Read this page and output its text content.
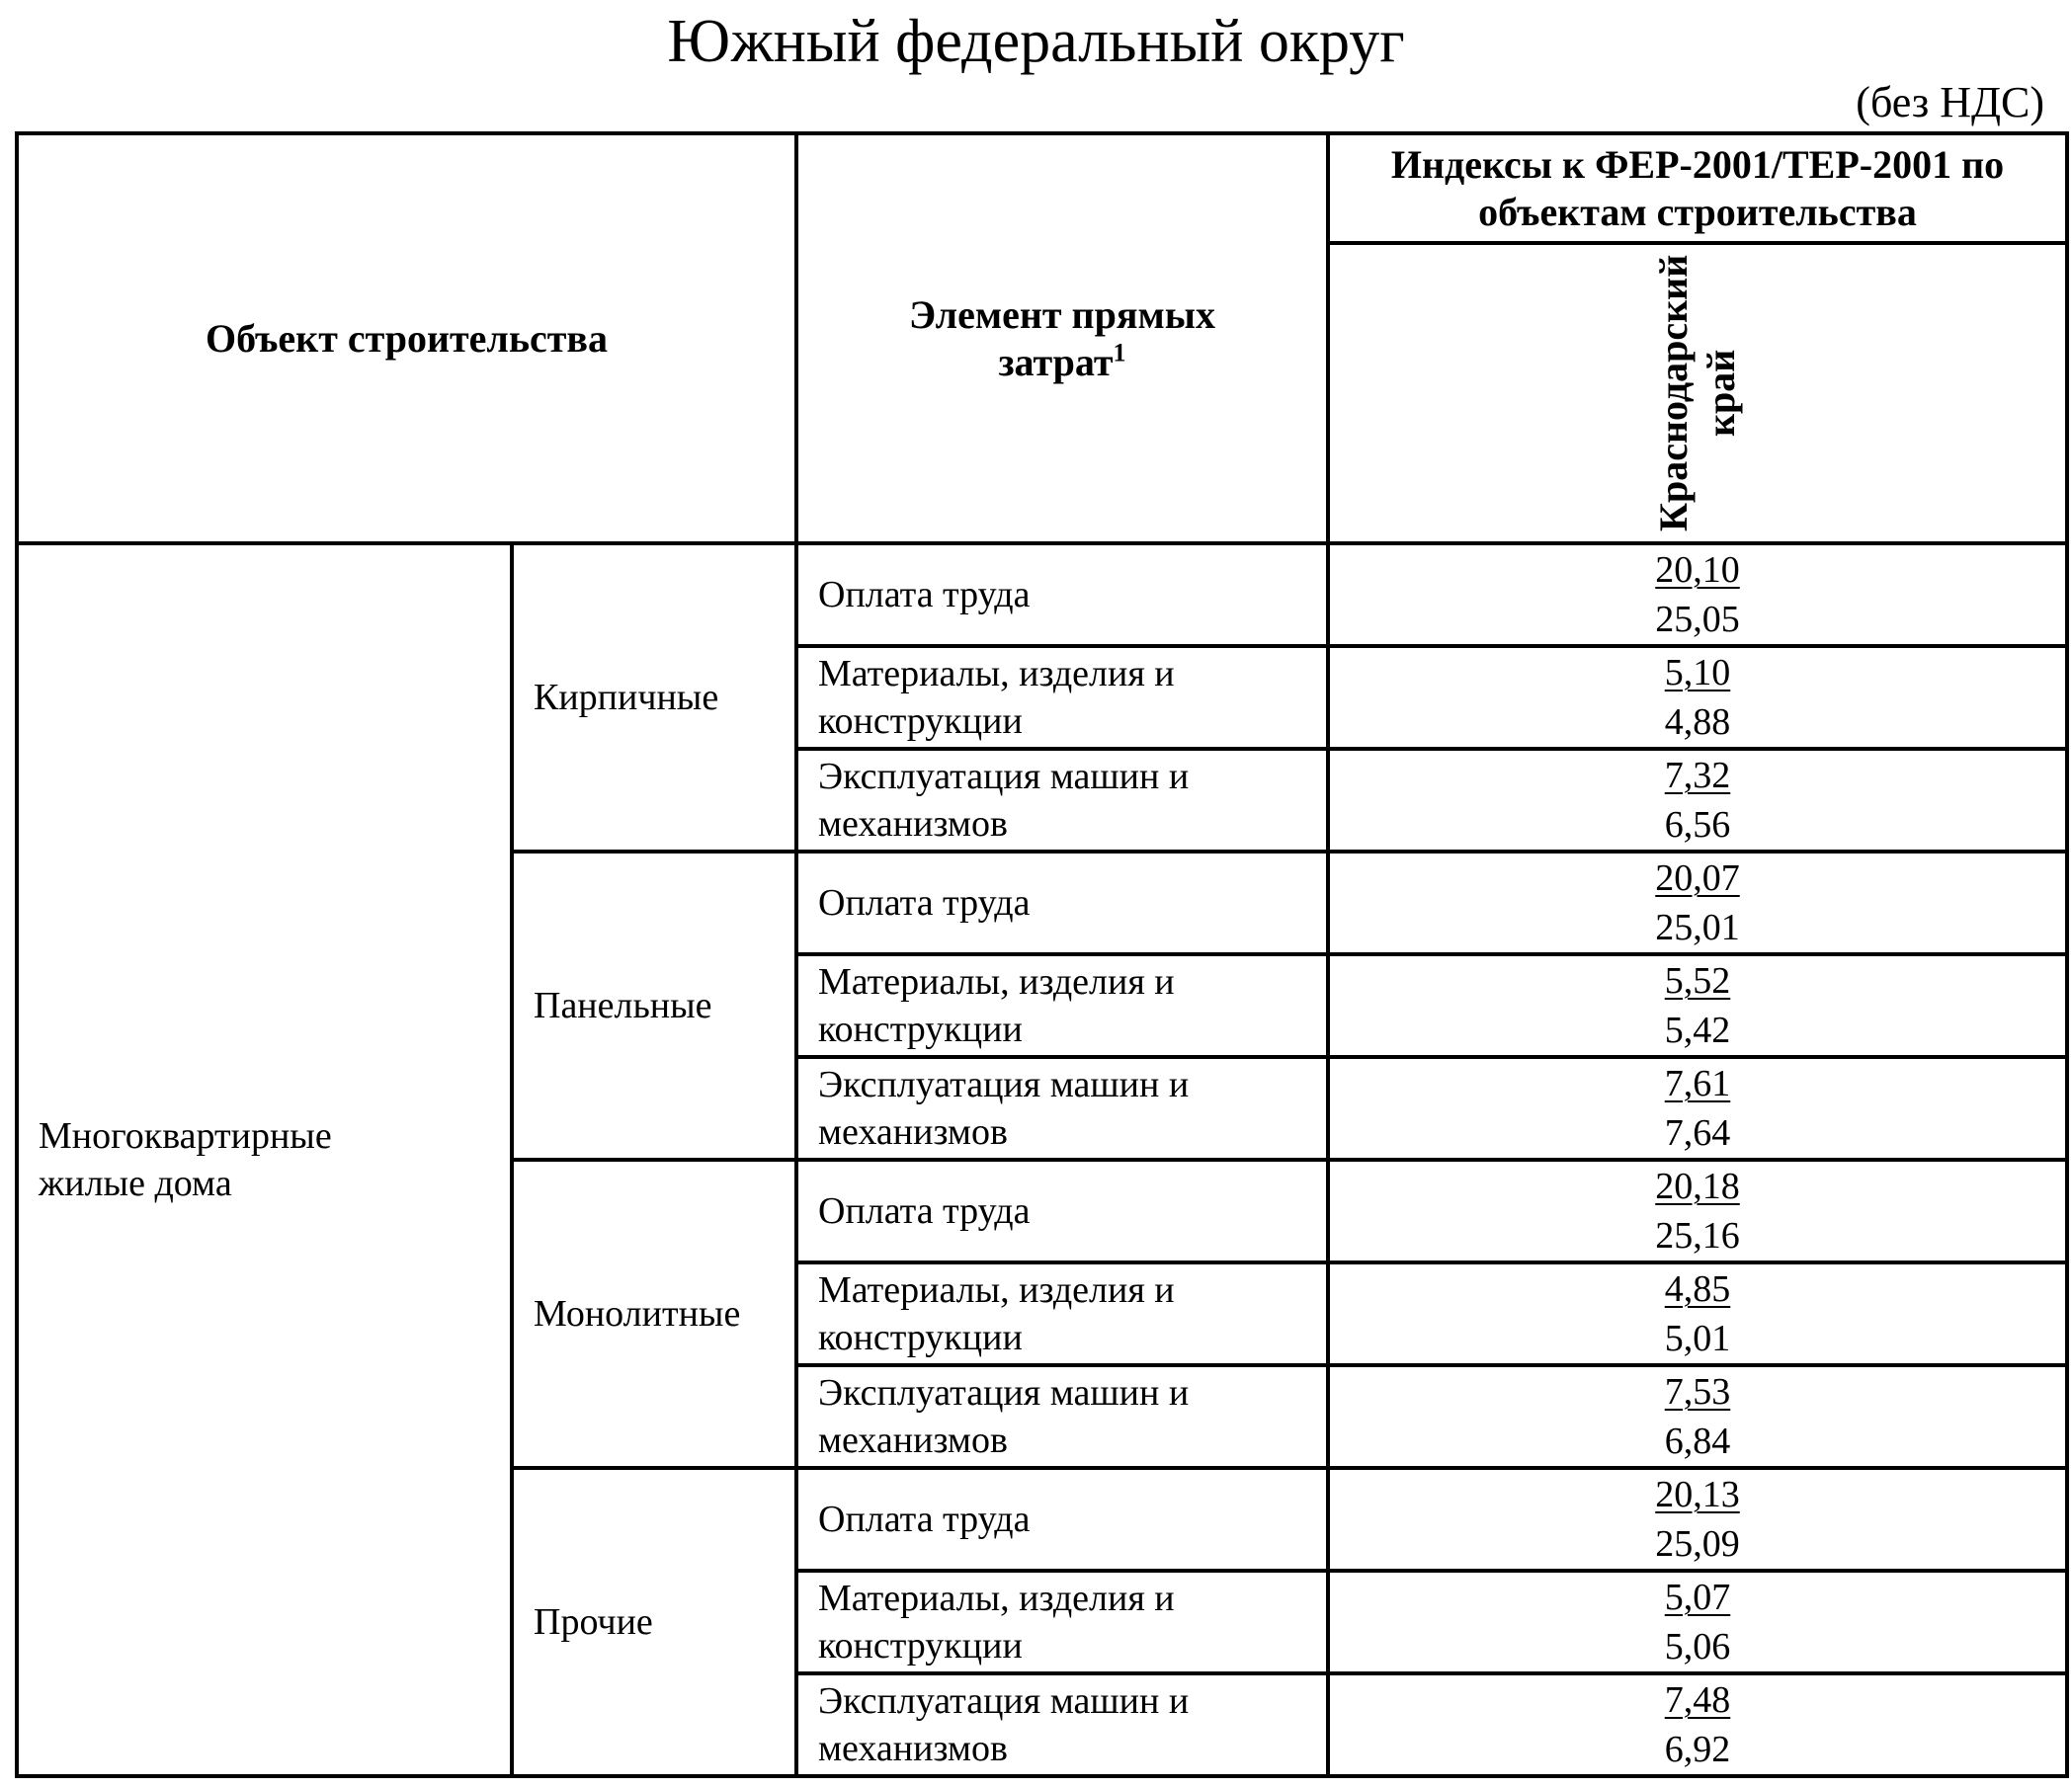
Южный федеральный округ
(без НДС)
Объект строительства		Элемент прямых затрат$^1$	Индексы к ФЕР-2001/ТЕР-2001 по объектам строительства

			Краснодарский край

Многоквартирные жилые дома	Кирпичные	Оплата труда	20,10
25,05

		Материалы, изделия и конструкции	5,10
4,88

		Эксплуатация машин и механизмов	7,32
6,56

	Панельные	Оплата труда	20,07
25,01

		Материалы, изделия и конструкции	5,52
5,42

		Эксплуатация машин и механизмов	7,61
7,64

	Монолитные	Оплата труда	20,18
25,16

		Материалы, изделия и конструкции	4,85
5,01

		Эксплуатация машин и механизмов	7,53
6,84

	Прочие	Оплата труда	20,13
25,09

		Материалы, изделия и конструкции	5,07
5,06

		Эксплуатация машин и механизмов	7,48
6,92
